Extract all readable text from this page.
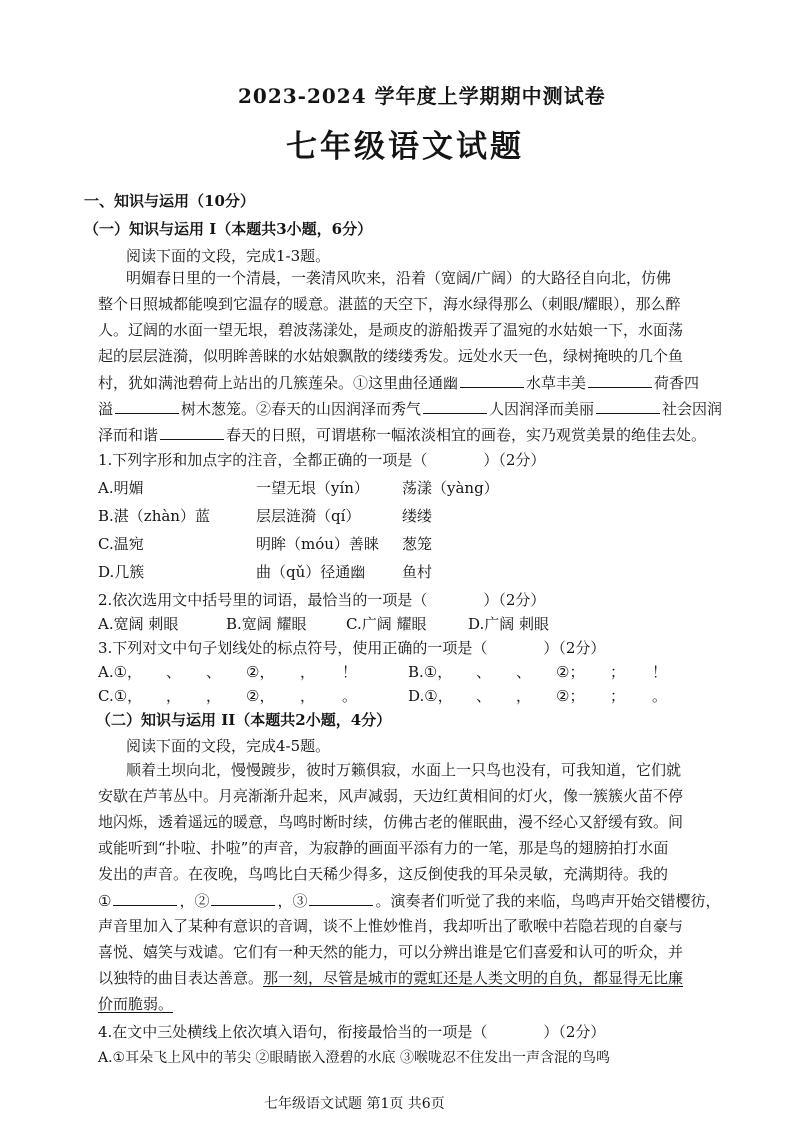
2023-2024 学年度上学期期中测试卷
七年级语文试题
一、知识与运用（10分）
（一）知识与运用 I（本题共3小题，6分）
阅读下面的文段，完成1-3题。
明媚春日里的一个清晨，一袭清风吹来，沿着（宽阔/广阔）的大路径自向北，仿佛
整个日照城都能嗅到它温存的暖意。湛蓝的天空下，海水绿得那么（刺眼/耀眼），那么醉
人。辽阔的水面一望无垠，碧波荡漾处，是顽皮的游船拨弄了温宛的水姑娘一下，水面荡
起的层层涟漪，似明眸善睐的水姑娘飘散的缕缕秀发。远处水天一色，绿树掩映的几个鱼
村，犹如满池碧荷上站出的几簇莲朵。①这里曲径通幽	水草丰美	荷香四
溢	树木葱笼。②春天的山因润泽而秀气	人因润泽而美丽	社会因润
泽而和谐	春天的日照，可谓堪称一幅浓淡相宜的画卷，实乃观赏美景的绝佳去处。
1.下列字形和加点字的注音，全都正确的一项是（	）（2分）
A.明媚	一望无垠（yín） 荡漾（yàng）
B.湛（zhàn）蓝	层层涟漪（qí）	缕缕
C.温宛	明眸（móu）善睐 葱笼
D.几簇	曲（qǔ）径通幽 鱼村
2.依次选用文中括号里的词语，最恰当的一项是（	）（2分）
A.宽阔 刺眼	B.宽阔 耀眼	C.广阔 耀眼	D.广阔 刺眼
3.下列对文中句子划线处的标点符号，使用正确的一项是（	）（2分）
A.①， 、 、 ②， ， ！	B.①， 、 、 ②； ； ！
C.①， ， ， ②， ， 。	D.①， 、 ， ②； ； 。
（二）知识与运用 II（本题共2小题，4分）
阅读下面的文段，完成4-5题。
顺着土坝向北，慢慢踱步，彼时万籁俱寂，水面上一只鸟也没有，可我知道，它们就
安歇在芦苇丛中。月亮渐渐升起来，风声减弱，天边红黄相间的灯火，像一簇簇火苗不停
地闪烁，透着遥远的暖意，鸟鸣时断时续，仿佛古老的催眠曲，漫不经心又舒缓有致。间
或能听到“扑啦、扑啦”的声音，为寂静的画面平添有力的一笔，那是鸟的翅膀拍打水面
发出的声音。在夜晚，鸟鸣比白天稀少得多，这反倒使我的耳朵灵敏，充满期待。我的
①	，②	，③	。演奏者们听觉了我的来临，鸟鸣声开始交错樱彷，
声音里加入了某种有意识的音调，谈不上惟妙惟肖，我却听出了歌喉中若隐若现的自豪与
喜悦、嬉笑与戏谑。它们有一种天然的能力，可以分辨出谁是它们喜爱和认可的听众，并
以独特的曲目表达善意。那一刻，尽管是城市的霓虹还是人类文明的自负，都显得无比廉
价而脆弱。
4.在文中三处横线上依次填入语句，衔接最恰当的一项是（	）（2分）
A.①耳朵飞上风中的苇尖 ②眼睛嵌入澄碧的水底 ③喉咙忍不住发出一声含混的鸟鸣
七年级语文试题 第1页 共6页
